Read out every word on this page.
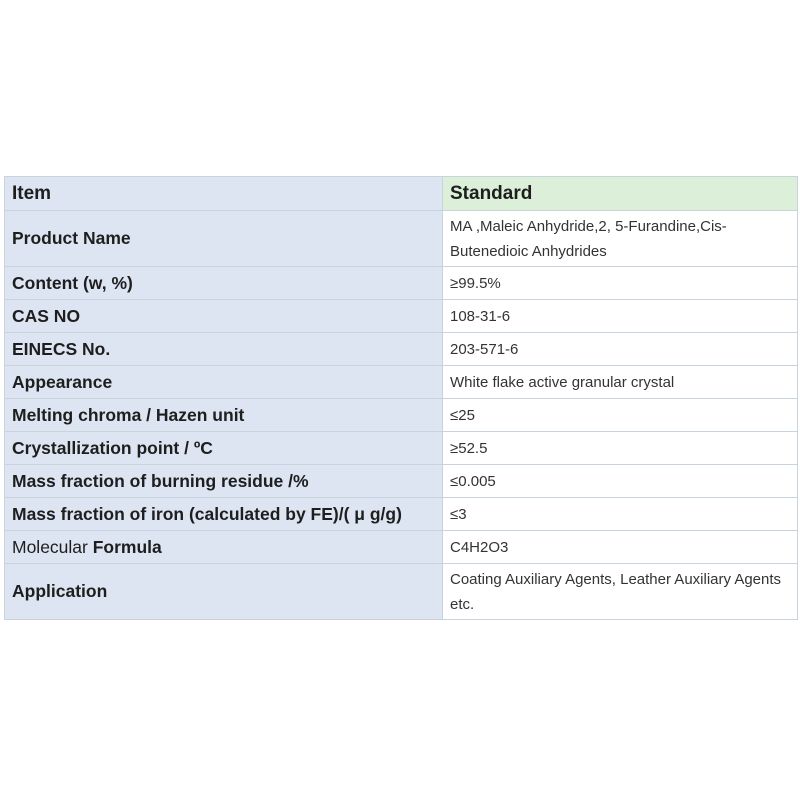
Item	Standard
Product Name	MA ,Maleic Anhydride,2, 5-Furandine,Cis-Butenedioic Anhydrides
Content (w, %)	≥99.5%
CAS NO	108-31-6
EINECS No.	203-571-6
Appearance	White flake active granular crystal
Melting chroma / Hazen unit	≤25
Crystallization point / ºC	≥52.5
Mass fraction of burning residue /%	≤0.005
Mass fraction of iron (calculated by FE)/( μ g/g)	≤3
Molecular Formula	C4H2O3
Application	Coating Auxiliary Agents, Leather Auxiliary Agents etc.
